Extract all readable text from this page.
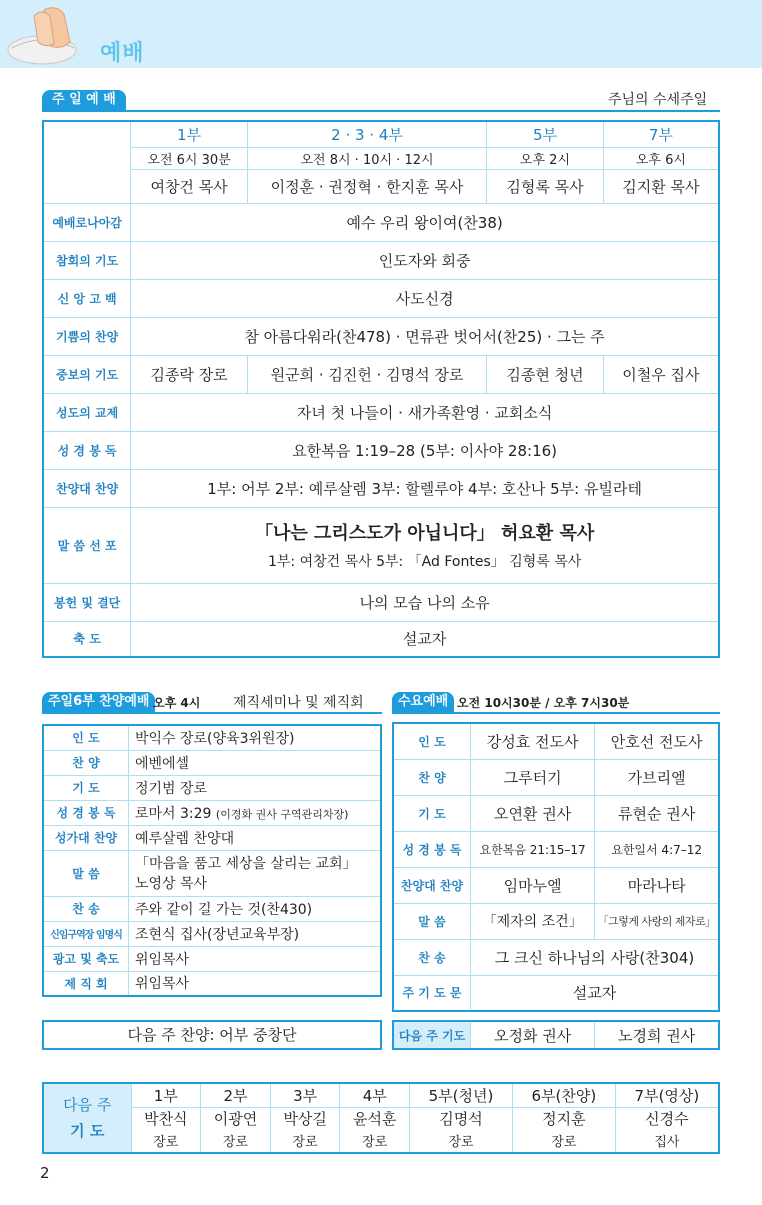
예배
주 일 예 배	주님의 수세주일
	1부	2 · 3 · 4부	5부	7부
	오전 6시 30분	오전 8시 · 10시 · 12시	오후 2시	오후 6시
	여창건 목사	이정훈 · 권정혁 · 한지훈 목사	김형록 목사	김지환 목사
예배로나아감	예수 우리 왕이여(찬38)			
참회의 기도	인도자와 회중			
신 앙 고 백	사도신경			
기쁨의 찬양	참 아름다워라(찬478) · 면류관 벗어서(찬25) · 그는 주			
중보의 기도	김종락 장로	원군희 · 김진헌 · 김명석 장로	김종현 청년	이철우 집사
성도의 교제	자녀 첫 나들이 · 새가족환영 · 교회소식			
성 경 봉 독	요한복음 1:19–28 (5부: 이사야 28:16)			
찬양대 찬양	1부: 어부 2부: 예루살렘 3부: 할렐루야 4부: 호산나 5부: 유빌라테			
말 씀 선 포	「나는 그리스도가 아닙니다」 허요환 목사
1부: 여창건 목사 5부: 「Ad Fontes」 김형록 목사			

봉헌 및 결단	나의 모습 나의 소유			
축 도	설교자			
주일6부 찬양예배 오후 4시 제직세미나 및 제직회
인 도	박익수 장로(양육3위원장)
찬 양	에벤에셀
기 도	정기범 장로
성 경 봉 독	로마서 3:29 (이경화 권사 구역관리차장)
성가대 찬양	예루살렘 찬양대
말 씀	「마음을 품고 세상을 살리는 교회」
노영상 목사

찬 송	주와 같이 길 가는 것(찬430)
신임구역장 임명식	조현식 집사(장년교육부장)
광고 및 축도	위임목사
제 직 회	위임목사
다음 주 찬양: 어부 중창단
수요예배 오전 10시30분 / 오후 7시30분
인 도	강성효 전도사	안호선 전도사
찬 양	그루터기	가브리엘
기 도	오연환 권사	류현순 권사
성 경 봉 독	요한복음 21:15–17	요한일서 4:7–12
찬양대 찬양	임마누엘	마라나타
말 씀	「제자의 조건」	「그렇게 사랑의 제자로」
찬 송	그 크신 하나님의 사랑(찬304)	
주 기 도 문	설교자	
다음 주 기도	오정화 권사	노경희 권사
다음 주
기 도	1부	2부	3부	4부	5부(청년)	6부(찬양)	7부(영상)
	박찬식	이광연	박상길	윤석훈	김명석	정지훈	신경수
	장로	장로	장로	장로	장로	장로	집사
2
